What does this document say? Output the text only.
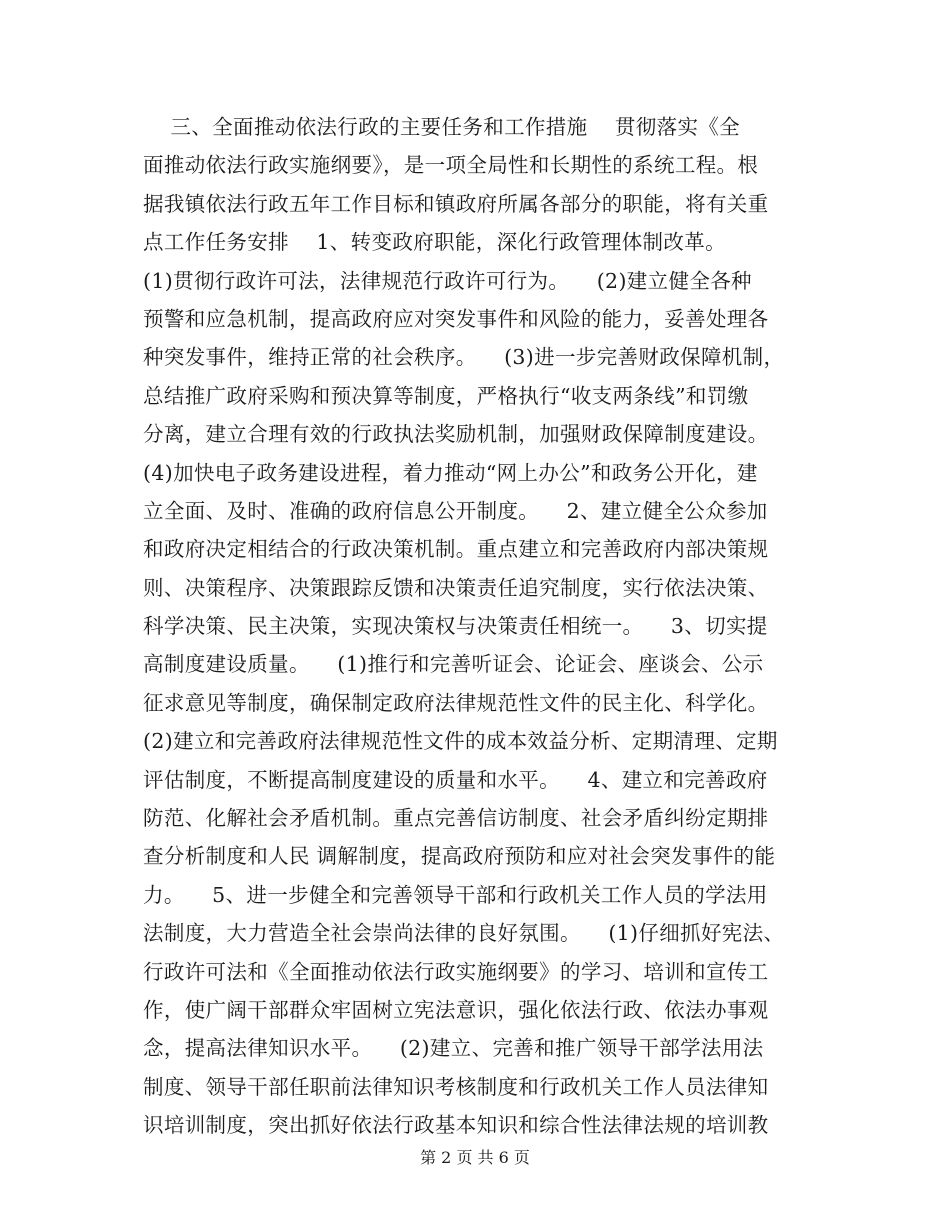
三、全面推动依法行政的主要任务和工作措施    贯彻落实《全
面推动依法行政实施纲要》，是一项全局性和长期性的系统工程。根
据我镇依法行政五年工作目标和镇政府所属各部分的职能，将有关重
点工作任务安排    1、转变政府职能，深化行政管理体制改革。
(1)贯彻行政许可法，法律规范行政许可行为。    (2)建立健全各种
预警和应急机制，提高政府应对突发事件和风险的能力，妥善处理各
种突发事件，维持正常的社会秩序。    (3)进一步完善财政保障机制，
总结推广政府采购和预决算等制度，严格执行“收支两条线”和罚缴
分离，建立合理有效的行政执法奖励机制，加强财政保障制度建设。
(4)加快电子政务建设进程，着力推动“网上办公”和政务公开化，建
立全面、及时、准确的政府信息公开制度。    2、建立健全公众参加
和政府决定相结合的行政决策机制。重点建立和完善政府内部决策规
则、决策程序、决策跟踪反馈和决策责任追究制度，实行依法决策、
科学决策、民主决策，实现决策权与决策责任相统一。    3、切实提
高制度建设质量。    (1)推行和完善听证会、论证会、座谈会、公示
征求意见等制度，确保制定政府法律规范性文件的民主化、科学化。
(2)建立和完善政府法律规范性文件的成本效益分析、定期清理、定期
评估制度，不断提高制度建设的质量和水平。    4、建立和完善政府
防范、化解社会矛盾机制。重点完善信访制度、社会矛盾纠纷定期排
查分析制度和人民 调解制度，提高政府预防和应对社会突发事件的能
力。    5、进一步健全和完善领导干部和行政机关工作人员的学法用
法制度，大力营造全社会崇尚法律的良好氛围。    (1)仔细抓好宪法、
行政许可法和《全面推动依法行政实施纲要》的学习、培训和宣传工
作，使广阔干部群众牢固树立宪法意识，强化依法行政、依法办事观
念，提高法律知识水平。    (2)建立、完善和推广领导干部学法用法
制度、领导干部任职前法律知识考核制度和行政机关工作人员法律知
识培训制度，突出抓好依法行政基本知识和综合性法律法规的培训教
第 2 页 共 6 页
